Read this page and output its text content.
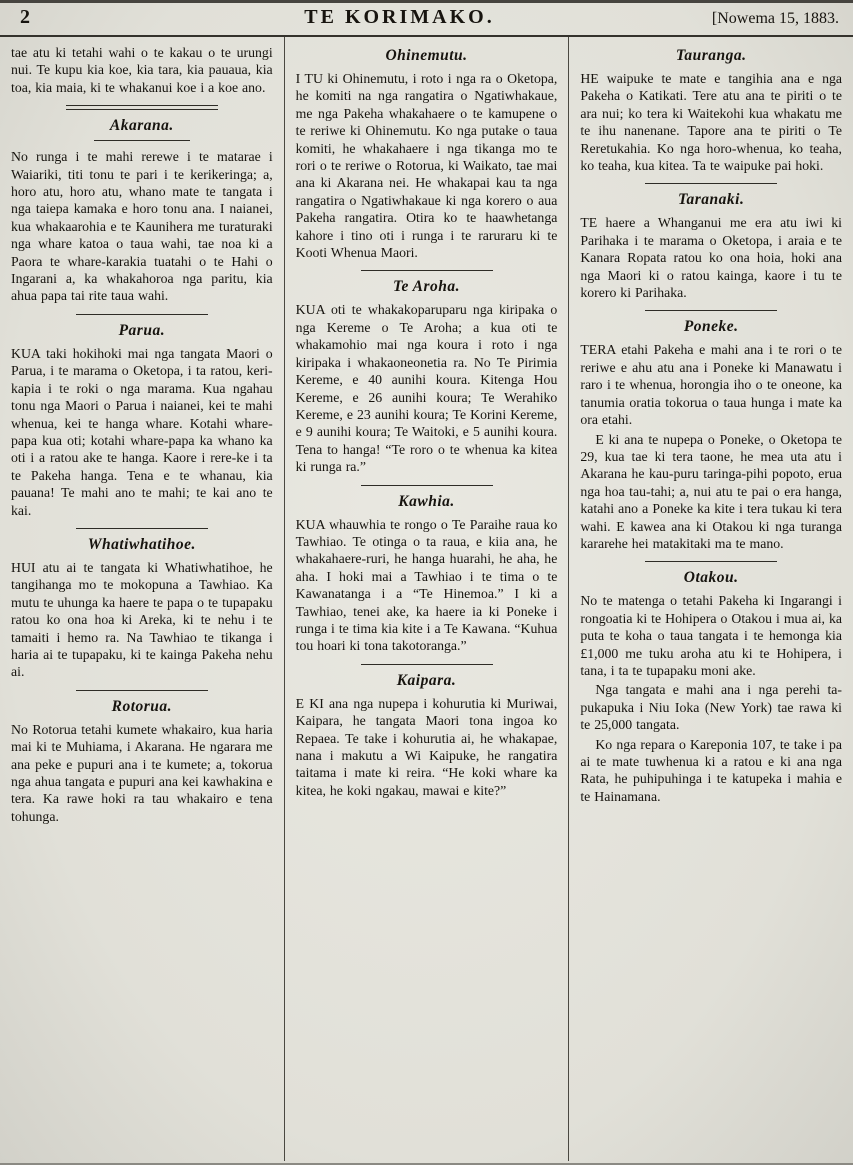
2	TE KORIMAKO.	[Nowema 15, 1883.

tae atu ki tetahi wahi o te kakau o te urungi nui. Te kupu kia koe, kia tara, kia pauaua, kia toa, kia maia, ki te whakanui koe i a koe ano.

Akarana.

No runga i te mahi rerewe i te matarae i Waiariki, titi tonu te pari i te kerikeringa; a, horo atu, horo atu, whano mate te tangata i nga taiepa kamaka e horo tonu ana. I naianei, kua whakaarohia e te Kaunihera me turaturaki nga whare katoa o taua wahi, tae noa ki a Paora te whare-karakia tuatahi o te Hahi o Ingarani a, ka whakahoroa nga paritu, kia ahua papa tai rite taua wahi.

Parua.

KUA taki hokihoki mai nga tangata Maori o Parua, i te marama o Oketopa, i ta ratou, keri-kapia i te roki o nga marama. Kua ngahau tonu nga Maori o Parua i naianei, kei te mahi whenua, kei te hanga whare. Kotahi whare-papa kua oti; kotahi whare-papa ka whano ka oti i a ratou ake te hanga. Kaore i rere-ke i ta te Pakeha hanga. Tena e te whanau, kia pauana! Te mahi ano te mahi; te kai ano te kai.

Whatiwhatihoe.

HUI atu ai te tangata ki Whatiwhatihoe, he tangihanga mo te mokopuna a Tawhiao. Ka mutu te uhunga ka haere te papa o te tupapaku ratou ko ona hoa ki Areka, ki te nehu i te tamaiti i hemo ra. Na Tawhiao te tikanga i haria ai te tupapaku, ki te kainga Pakeha nehu ai.

Rotorua.

No Rotorua tetahi kumete whakairo, kua haria mai ki te Muhiama, i Akarana. He ngarara me ana peke e pupuri ana i te kumete; a, tokorua nga ahua tangata e pupuri ana kei kawhakina e tera. Ka rawe hoki ra tau whakairo e tena tohunga.

Ohinemutu.

I TU ki Ohinemutu, i roto i nga ra o Oketopa, he komiti na nga rangatira o Ngatiwhakaue, me nga Pakeha whakahaere o te kamupene o te reriwe ki Ohinemutu. Ko nga putake o taua komiti, he whakahaere i nga tikanga mo te rori o te reriwe o Rotorua, ki Waikato, tae mai ana ki Akarana nei. He whakapai kau ta nga rangatira o Ngatiwhakaue ki nga korero o aua Pakeha rangatira. Otira ko te haawhetanga kahore i tino oti i runga i te raruraru ki te Kooti Whenua Maori.

Te Aroha.

KUA oti te whakakoparuparu nga kiripaka o nga Kereme o Te Aroha; a kua oti te whakamohio mai nga koura i roto i nga kiripaka i whakaoneonetia ra. No Te Pirimia Kereme, e 40 aunihi koura. Kitenga Hou Kereme, e 26 aunihi koura; Te Werahiko Kereme, e 23 aunihi koura; Te Korini Kereme, e 9 aunihi koura; Te Waitoki, e 5 aunihi koura. Tena to hanga! “Te roro o te whenua ka kitea ki runga ra.”

Kawhia.

KUA whauwhia te rongo o Te Paraihe raua ko Tawhiao. Te otinga o ta raua, e kiia ana, he whakahaere-ruri, he hanga huarahi, he aha, he aha. I hoki mai a Tawhiao i te tima o te Kawanatanga i a “Te Hinemoa.” I ki a Tawhiao, tenei ake, ka haere ia ki Poneke i runga i te tima kia kite i a Te Kawana. “Kuhua tou hoari ki tona takotoranga.”

Kaipara.

E KI ana nga nupepa i kohurutia ki Muriwai, Kaipara, he tangata Maori tona ingoa ko Repaea. Te take i kohurutia ai, he whakapae, nana i makutu a Wi Kaipuke, he rangatira taitama i mate ki reira. “He koki whare ka kitea, he koki ngakau, mawai e kite?”

Tauranga.

HE waipuke te mate e tangihia ana e nga Pakeha o Katikati. Tere atu ana te piriti o te ara nui; ko tera ki Waitekohi kua whakatu me te ihu nanenane. Tapore ana te piriti o Te Reretukahia. Ko nga horo-whenua, ko teaha, ko teaha, kua kitea. Ta te waipuke pai hoki.

Taranaki.

TE haere a Whanganui me era atu iwi ki Parihaka i te marama o Oketopa, i araia e te Kanara Ropata ratou ko ona hoia, hoki ana nga Maori ki o ratou kainga, kaore i tu te korero ki Parihaka.

Poneke.

TERA etahi Pakeha e mahi ana i te rori o te reriwe e ahu atu ana i Poneke ki Manawatu i raro i te whenua, horongia iho o te oneone, ka tanumia oratia tokorua o taua hunga i mate ka ora etahi.

E ki ana te nupepa o Poneke, o Oketopa te 29, kua tae ki tera taone, he mea uta atu i Akarana he kau-puru taringa-pihi popoto, erua nga hoa tau-tahi; a, nui atu te pai o era hanga, katahi ano a Poneke ka kite i tera tukau ki tera wahi. E kawea ana ki Otakou ki nga turanga kararehe hei matakitaki ma te mano.

Otakou.

No te matenga o tetahi Pakeha ki Ingarangi i rongoatia ki te Hohipera o Otakou i mua ai, ka puta te koha o taua tangata i te hemonga kia £1,000 me tuku aroha atu ki te Hohipera, i tana, i ta te tupapaku moni ake.

Nga tangata e mahi ana i nga perehi ta-pukapuka i Niu Ioka (New York) tae rawa ki te 25,000 tangata.

Ko nga repara o Kareponia 107, te take i pa ai te mate tuwhenua ki a ratou e ki ana nga Rata, he puhipuhinga i te katupeka i mahia e te Hainamana.
